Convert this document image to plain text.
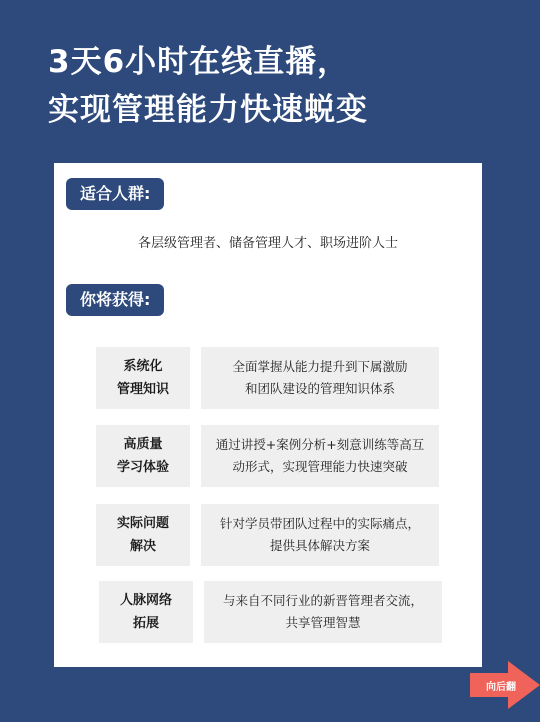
3天6小时在线直播，
实现管理能力快速蜕变
适合人群:
各层级管理者、储备管理人才、职场进阶人士
你将获得:
系统化
管理知识
全面掌握从能力提升到下属激励
和团队建设的管理知识体系
高质量
学习体验
通过讲授+案例分析+刻意训练等高互
动形式，实现管理能力快速突破
实际问题
解决
针对学员带团队过程中的实际痛点，
提供具体解决方案
人脉网络
拓展
与来自不同行业的新晋管理者交流，
共享管理智慧
向后翻
